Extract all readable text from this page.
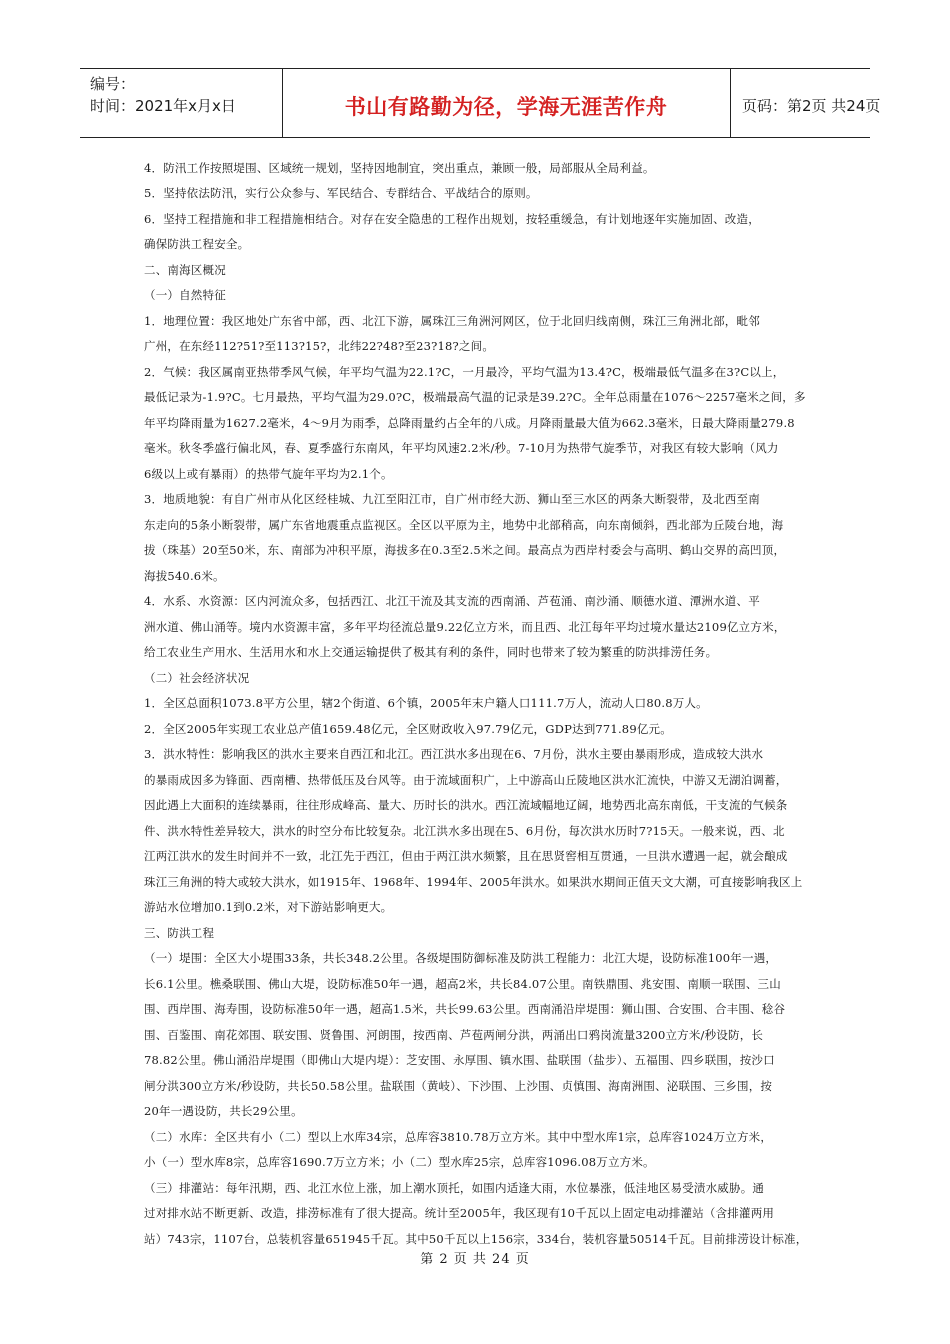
编号：
时间：2021年x月x日	书山有路勤为径，学海无涯苦作舟	页码：第2页 共24页
4．防汛工作按照堤围、区域统一规划，坚持因地制宜，突出重点，兼顾一般，局部服从全局利益。
5．坚持依法防汛，实行公众参与、军民结合、专群结合、平战结合的原则。
6．坚持工程措施和非工程措施相结合。对存在安全隐患的工程作出规划，按轻重缓急，有计划地逐年实施加固、改造，
确保防洪工程安全。
二、南海区概况
（一）自然特征
1．地理位置：我区地处广东省中部，西、北江下游，属珠江三角洲河网区，位于北回归线南侧，珠江三角洲北部，毗邻
广州，在东经112?51?至113?15?，北纬22?48?至23?18?之间。
2．气候：我区属南亚热带季风气候，年平均气温为22.1?C，一月最冷，平均气温为13.4?C，极端最低气温多在3?C以上，
最低记录为-1.9?C。七月最热，平均气温为29.0?C，极端最高气温的记录是39.2?C。全年总雨量在1076～2257毫米之间，多
年平均降雨量为1627.2毫米，4～9月为雨季，总降雨量约占全年的八成。月降雨量最大值为662.3毫米，日最大降雨量279.8
毫米。秋冬季盛行偏北风，春、夏季盛行东南风，年平均风速2.2米/秒。7-10月为热带气旋季节，对我区有较大影响（风力
6级以上或有暴雨）的热带气旋年平均为2.1个。
3．地质地貌：有自广州市从化区经桂城、九江至阳江市，自广州市经大沥、狮山至三水区的两条大断裂带，及北西至南
东走向的5条小断裂带，属广东省地震重点监视区。全区以平原为主，地势中北部稍高，向东南倾斜，西北部为丘陵台地，海
拔（珠基）20至50米，东、南部为冲积平原，海拔多在0.3至2.5米之间。最高点为西岸村委会与高明、鹤山交界的高凹顶，
海拔540.6米。
4．水系、水资源：区内河流众多，包括西江、北江干流及其支流的西南涌、芦苞涌、南沙涌、顺德水道、潭洲水道、平
洲水道、佛山涌等。境内水资源丰富，多年平均径流总量9.22亿立方米，而且西、北江每年平均过境水量达2109亿立方米，
给工农业生产用水、生活用水和水上交通运输提供了极其有利的条件，同时也带来了较为繁重的防洪排涝任务。
（二）社会经济状况
1．全区总面积1073.8平方公里，辖2个街道、6个镇，2005年末户籍人口111.7万人，流动人口80.8万人。
2．全区2005年实现工农业总产值1659.48亿元，全区财政收入97.79亿元，GDP达到771.89亿元。
3．洪水特性：影响我区的洪水主要来自西江和北江。西江洪水多出现在6、7月份，洪水主要由暴雨形成，造成较大洪水
的暴雨成因多为锋面、西南槽、热带低压及台风等。由于流域面积广，上中游高山丘陵地区洪水汇流快，中游又无湖泊调蓄，
因此遇上大面积的连续暴雨，往往形成峰高、量大、历时长的洪水。西江流域幅地辽阔，地势西北高东南低，干支流的气候条
件、洪水特性差异较大，洪水的时空分布比较复杂。北江洪水多出现在5、6月份，每次洪水历时7?15天。一般来说，西、北
江两江洪水的发生时间并不一致，北江先于西江，但由于两江洪水频繁，且在思贤窖相互贯通，一旦洪水遭遇一起，就会酿成
珠江三角洲的特大或较大洪水，如1915年、1968年、1994年、2005年洪水。如果洪水期间正值天文大潮，可直接影响我区上
游站水位增加0.1到0.2米，对下游站影响更大。
三、防洪工程
（一）堤围：全区大小堤围33条，共长348.2公里。各级堤围防御标准及防洪工程能力：北江大堤，设防标准100年一遇，
长6.1公里。樵桑联围、佛山大堤，设防标准50年一遇，超高2米，共长84.07公里。南铁鼎围、兆安围、南顺一联围、三山
围、西岸围、海寿围，设防标准50年一遇，超高1.5米，共长99.63公里。西南涌沿岸堤围：狮山围、合安围、合丰围、稔谷
围、百鉴围、南花郊围、联安围、贤鲁围、河朗围，按西南、芦苞两闸分洪，两涌出口鸦岗流量3200立方米/秒设防，长
78.82公里。佛山涌沿岸堤围（即佛山大堤内堤）：芝安围、永厚围、镇水围、盐联围（盐步）、五福围、四乡联围，按沙口
闸分洪300立方米/秒设防，共长50.58公里。盐联围（黄岐）、下沙围、上沙围、贞慎围、海南洲围、泌联围、三乡围，按
20年一遇设防，共长29公里。
（二）水库：全区共有小（二）型以上水库34宗，总库容3810.78万立方米。其中中型水库1宗，总库容1024万立方米，
小（一）型水库8宗，总库容1690.7万立方米；小（二）型水库25宗，总库容1096.08万立方米。
（三）排灌站：每年汛期，西、北江水位上涨，加上潮水顶托，如围内适逢大雨，水位暴涨，低洼地区易受渍水威胁。通
过对排水站不断更新、改造，排涝标准有了很大提高。统计至2005年，我区现有10千瓦以上固定电动排灌站（含排灌两用
站）743宗，1107台，总装机容量651945千瓦。其中50千瓦以上156宗，334台，装机容量50514千瓦。目前排涝设计标准，
第 2 页 共 24 页
